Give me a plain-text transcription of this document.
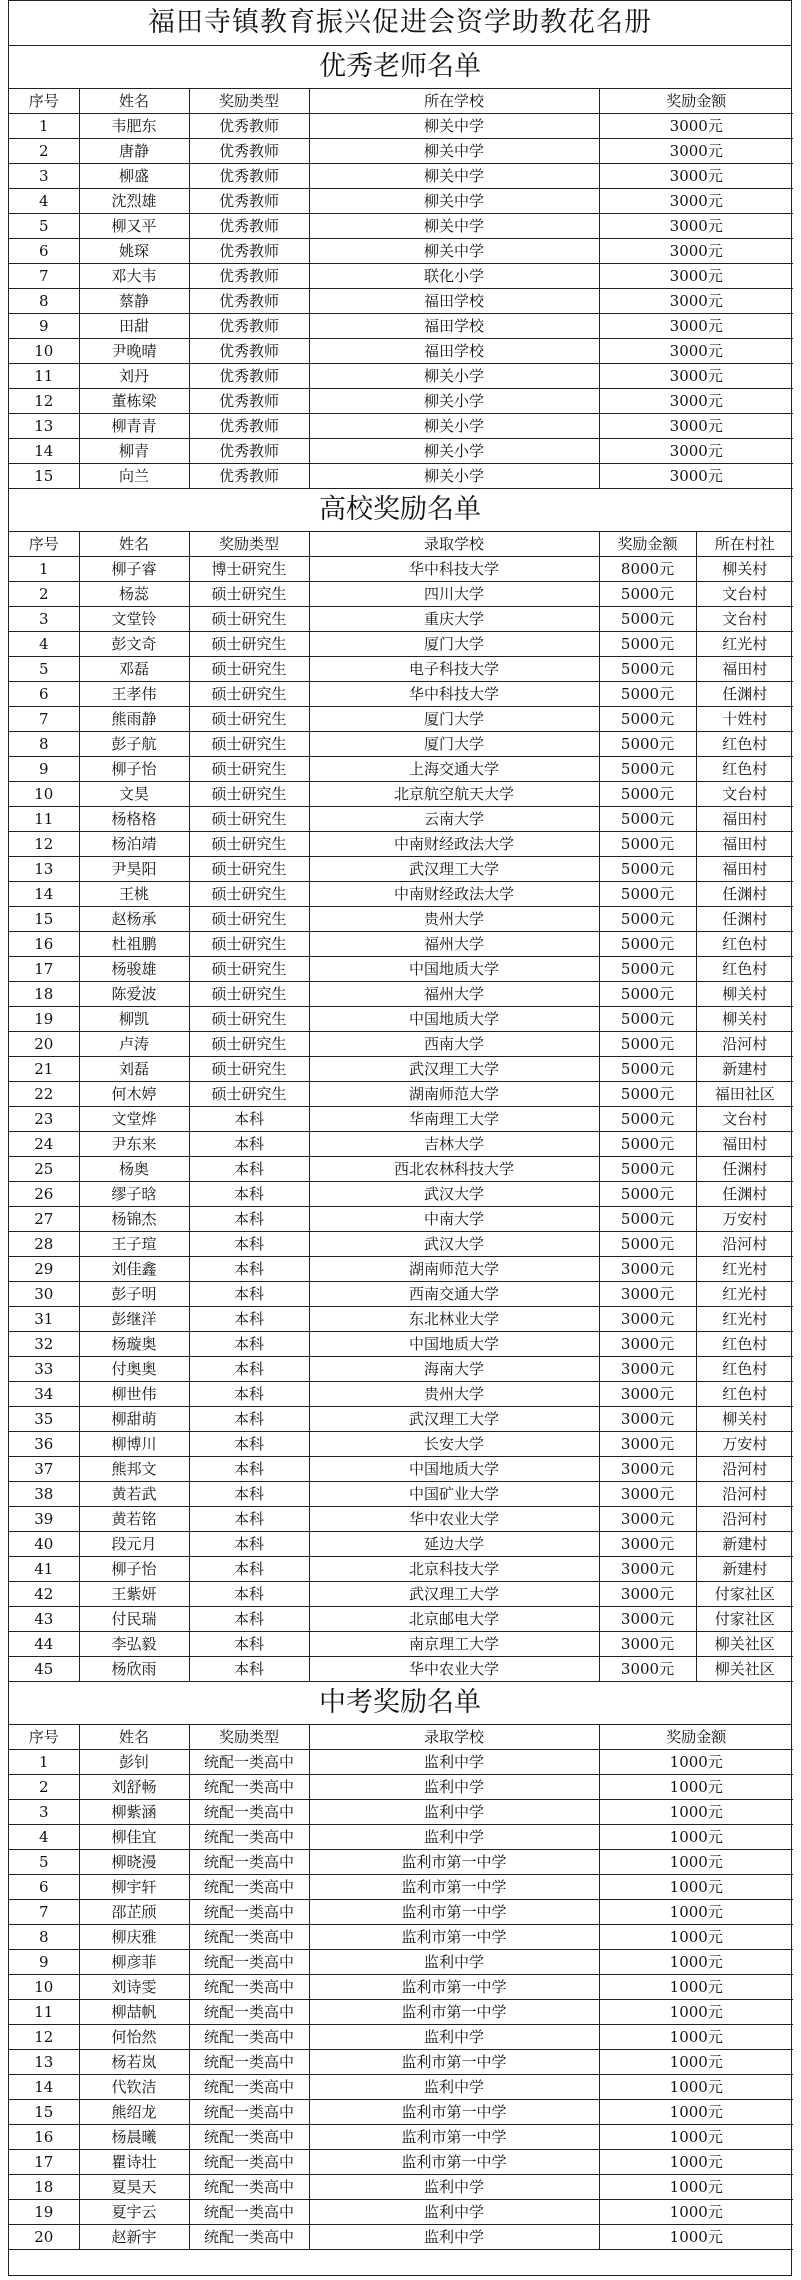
福田寺镇教育振兴促进会资学助教花名册
优秀老师名单
序号	姓名	奖励类型	所在学校	奖励金额
1	韦肥东	优秀教师	柳关中学	3000元
2	唐静	优秀教师	柳关中学	3000元
3	柳盛	优秀教师	柳关中学	3000元
4	沈烈雄	优秀教师	柳关中学	3000元
5	柳又平	优秀教师	柳关中学	3000元
6	姚琛	优秀教师	柳关中学	3000元
7	邓大韦	优秀教师	联化小学	3000元
8	蔡静	优秀教师	福田学校	3000元
9	田甜	优秀教师	福田学校	3000元
10	尹晚晴	优秀教师	福田学校	3000元
11	刘丹	优秀教师	柳关小学	3000元
12	董栋梁	优秀教师	柳关小学	3000元
13	柳青青	优秀教师	柳关小学	3000元
14	柳青	优秀教师	柳关小学	3000元
15	向兰	优秀教师	柳关小学	3000元
高校奖励名单
序号	姓名	奖励类型	录取学校	奖励金额	所在村社
1	柳子睿	博士研究生	华中科技大学	8000元	柳关村
2	杨蕊	硕士研究生	四川大学	5000元	文台村
3	文堂铃	硕士研究生	重庆大学	5000元	文台村
4	彭文奇	硕士研究生	厦门大学	5000元	红光村
5	邓磊	硕士研究生	电子科技大学	5000元	福田村
6	王孝伟	硕士研究生	华中科技大学	5000元	任渊村
7	熊雨静	硕士研究生	厦门大学	5000元	十姓村
8	彭子航	硕士研究生	厦门大学	5000元	红色村
9	柳子怡	硕士研究生	上海交通大学	5000元	红色村
10	文昊	硕士研究生	北京航空航天大学	5000元	文台村
11	杨格格	硕士研究生	云南大学	5000元	福田村
12	杨泊靖	硕士研究生	中南财经政法大学	5000元	福田村
13	尹昊阳	硕士研究生	武汉理工大学	5000元	福田村
14	王桃	硕士研究生	中南财经政法大学	5000元	任渊村
15	赵杨承	硕士研究生	贵州大学	5000元	任渊村
16	杜祖鹏	硕士研究生	福州大学	5000元	红色村
17	杨骏雄	硕士研究生	中国地质大学	5000元	红色村
18	陈爱波	硕士研究生	福州大学	5000元	柳关村
19	柳凯	硕士研究生	中国地质大学	5000元	柳关村
20	卢涛	硕士研究生	西南大学	5000元	沿河村
21	刘磊	硕士研究生	武汉理工大学	5000元	新建村
22	何木婷	硕士研究生	湖南师范大学	5000元	福田社区
23	文堂烨	本科	华南理工大学	5000元	文台村
24	尹东来	本科	吉林大学	5000元	福田村
25	杨奥	本科	西北农林科技大学	5000元	任渊村
26	缪子晗	本科	武汉大学	5000元	任渊村
27	杨锦杰	本科	中南大学	5000元	万安村
28	王子瑄	本科	武汉大学	5000元	沿河村
29	刘佳鑫	本科	湖南师范大学	3000元	红光村
30	彭子明	本科	西南交通大学	3000元	红光村
31	彭继洋	本科	东北林业大学	3000元	红光村
32	杨璇奥	本科	中国地质大学	3000元	红色村
33	付奥奥	本科	海南大学	3000元	红色村
34	柳世伟	本科	贵州大学	3000元	红色村
35	柳甜萌	本科	武汉理工大学	3000元	柳关村
36	柳博川	本科	长安大学	3000元	万安村
37	熊邦文	本科	中国地质大学	3000元	沿河村
38	黄若武	本科	中国矿业大学	3000元	沿河村
39	黄若铭	本科	华中农业大学	3000元	沿河村
40	段元月	本科	延边大学	3000元	新建村
41	柳子怡	本科	北京科技大学	3000元	新建村
42	王紫妍	本科	武汉理工大学	3000元	付家社区
43	付民瑞	本科	北京邮电大学	3000元	付家社区
44	李弘毅	本科	南京理工大学	3000元	柳关社区
45	杨欣雨	本科	华中农业大学	3000元	柳关社区
中考奖励名单
序号	姓名	奖励类型	录取学校	奖励金额
1	彭钊	统配一类高中	监利中学	1000元
2	刘舒畅	统配一类高中	监利中学	1000元
3	柳紫涵	统配一类高中	监利中学	1000元
4	柳佳宜	统配一类高中	监利中学	1000元
5	柳晓漫	统配一类高中	监利市第一中学	1000元
6	柳宇轩	统配一类高中	监利市第一中学	1000元
7	邵芷颀	统配一类高中	监利市第一中学	1000元
8	柳庆雅	统配一类高中	监利市第一中学	1000元
9	柳彦菲	统配一类高中	监利中学	1000元
10	刘诗雯	统配一类高中	监利市第一中学	1000元
11	柳喆帆	统配一类高中	监利市第一中学	1000元
12	何怡然	统配一类高中	监利中学	1000元
13	杨若岚	统配一类高中	监利市第一中学	1000元
14	代钦洁	统配一类高中	监利中学	1000元
15	熊绍龙	统配一类高中	监利市第一中学	1000元
16	杨晨曦	统配一类高中	监利市第一中学	1000元
17	瞿诗壮	统配一类高中	监利市第一中学	1000元
18	夏昊天	统配一类高中	监利中学	1000元
19	夏宇云	统配一类高中	监利中学	1000元
20	赵新宇	统配一类高中	监利中学	1000元
